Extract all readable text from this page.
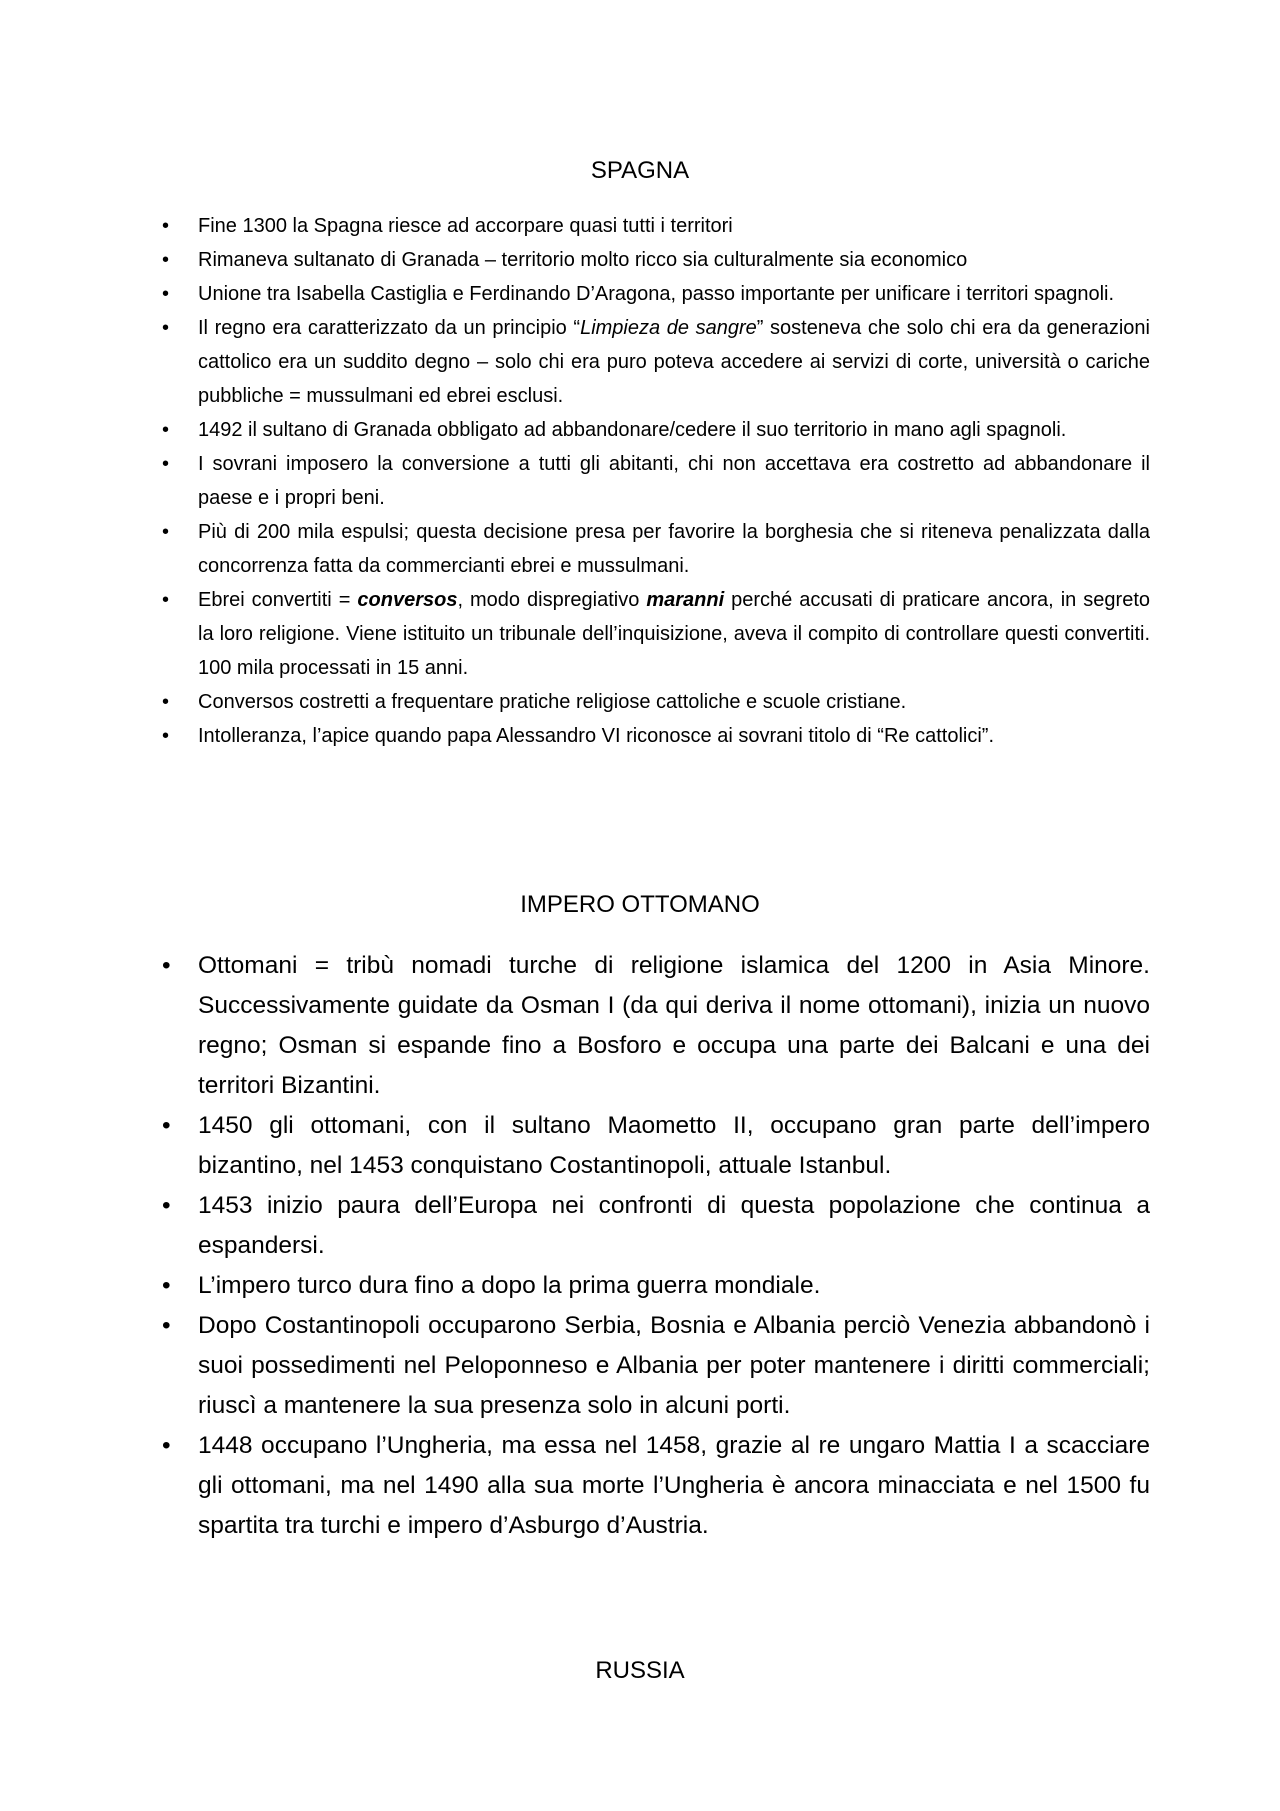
SPAGNA
• Fine 1300 la Spagna riesce ad accorpare quasi tutti i territori
• Rimaneva sultanato di Granada – territorio molto ricco sia culturalmente sia economico
• Unione tra Isabella Castiglia e Ferdinando D’Aragona, passo importante per unificare i territori spagnoli.
• Il regno era caratterizzato da un principio “Limpieza de sangre” sosteneva che solo chi era da generazioni cattolico era un suddito degno – solo chi era puro poteva accedere ai servizi di corte, università o cariche pubbliche = mussulmani ed ebrei esclusi.
• 1492 il sultano di Granada obbligato ad abbandonare/cedere il suo territorio in mano agli spagnoli.
• I sovrani imposero la conversione a tutti gli abitanti, chi non accettava era costretto ad abbandonare il paese e i propri beni.
• Più di 200 mila espulsi; questa decisione presa per favorire la borghesia che si riteneva penalizzata dalla concorrenza fatta da commercianti ebrei e mussulmani.
• Ebrei convertiti = conversos, modo dispregiativo maranni perché accusati di praticare ancora, in segreto la loro religione. Viene istituito un tribunale dell’inquisizione, aveva il compito di controllare questi convertiti. 100 mila processati in 15 anni.
• Conversos costretti a frequentare pratiche religiose cattoliche e scuole cristiane.
• Intolleranza, l’apice quando papa Alessandro VI riconosce ai sovrani titolo di “Re cattolici”.
IMPERO OTTOMANO
• Ottomani = tribù nomadi turche di religione islamica del 1200 in Asia Minore. Successivamente guidate da Osman I (da qui deriva il nome ottomani), inizia un nuovo regno; Osman si espande fino a Bosforo e occupa una parte dei Balcani e una dei territori Bizantini.
• 1450 gli ottomani, con il sultano Maometto II, occupano gran parte dell’impero bizantino, nel 1453 conquistano Costantinopoli, attuale Istanbul.
• 1453 inizio paura dell’Europa nei confronti di questa popolazione che continua a espandersi.
• L’impero turco dura fino a dopo la prima guerra mondiale.
• Dopo Costantinopoli occuparono Serbia, Bosnia e Albania perciò Venezia abbandonò i suoi possedimenti nel Peloponneso e Albania per poter mantenere i diritti commerciali; riuscì a mantenere la sua presenza solo in alcuni porti.
• 1448 occupano l’Ungheria, ma essa nel 1458, grazie al re ungaro Mattia I a scacciare gli ottomani, ma nel 1490 alla sua morte l’Ungheria è ancora minacciata e nel 1500 fu spartita tra turchi e impero d’Asburgo d’Austria.
RUSSIA
